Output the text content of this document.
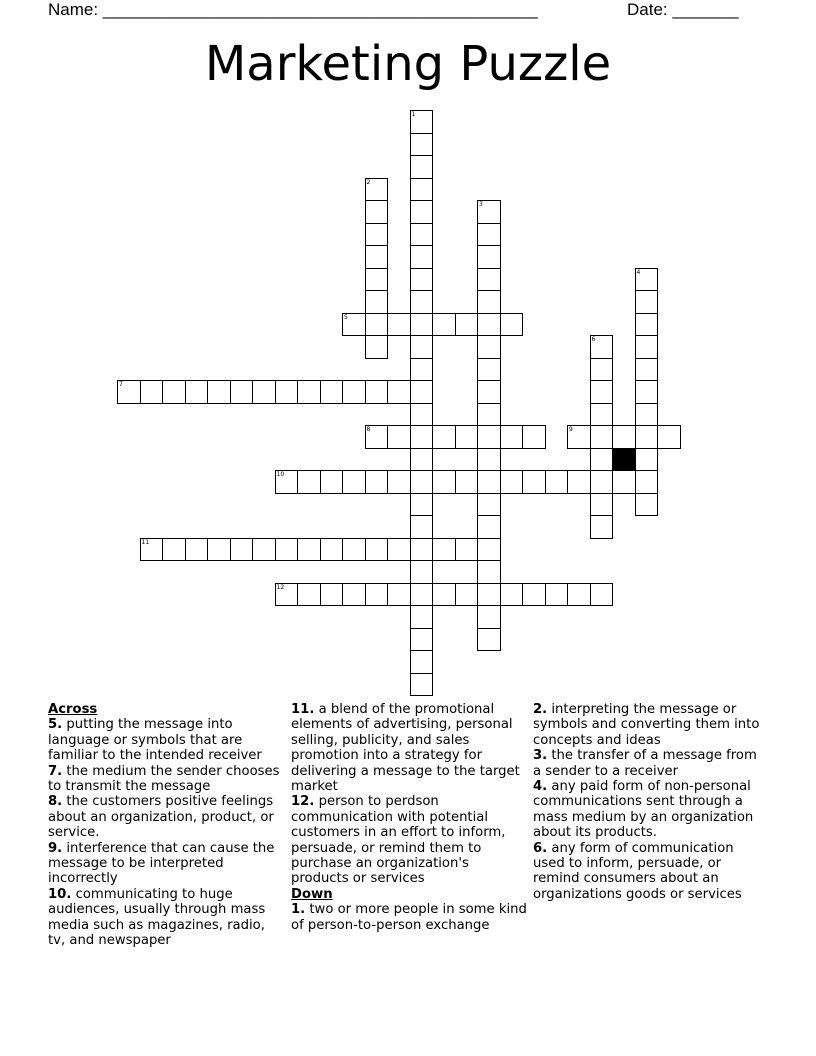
Name: ______________________________________________	Date: _______
Marketing Puzzle
1
2
3
4
5
6
7
8	9
10
11
12

Across

5. putting the message into language or symbols that are familiar to the intended receiver

7. the medium the sender chooses to transmit the message

8. the customers positive feelings about an organization, product, or service.

9. interference that can cause the message to be interpreted incorrectly

10. communicating to huge audiences, usually through mass media such as magazines, radio, tv, and newspaper

11. a blend of the promotional elements of advertising, personal selling, publicity, and sales promotion into a strategy for delivering a message to the target market

12. person to perdson communication with potential customers in an effort to inform, persuade, or remind them to purchase an organization's products or services

Down

1. two or more people in some kind of person-to-person exchange

2. interpreting the message or symbols and converting them into concepts and ideas

3. the transfer of a message from a sender to a receiver

4. any paid form of non-personal communications sent through a mass medium by an organization about its products.

6. any form of communication used to inform, persuade, or remind consumers about an organizations goods or services
